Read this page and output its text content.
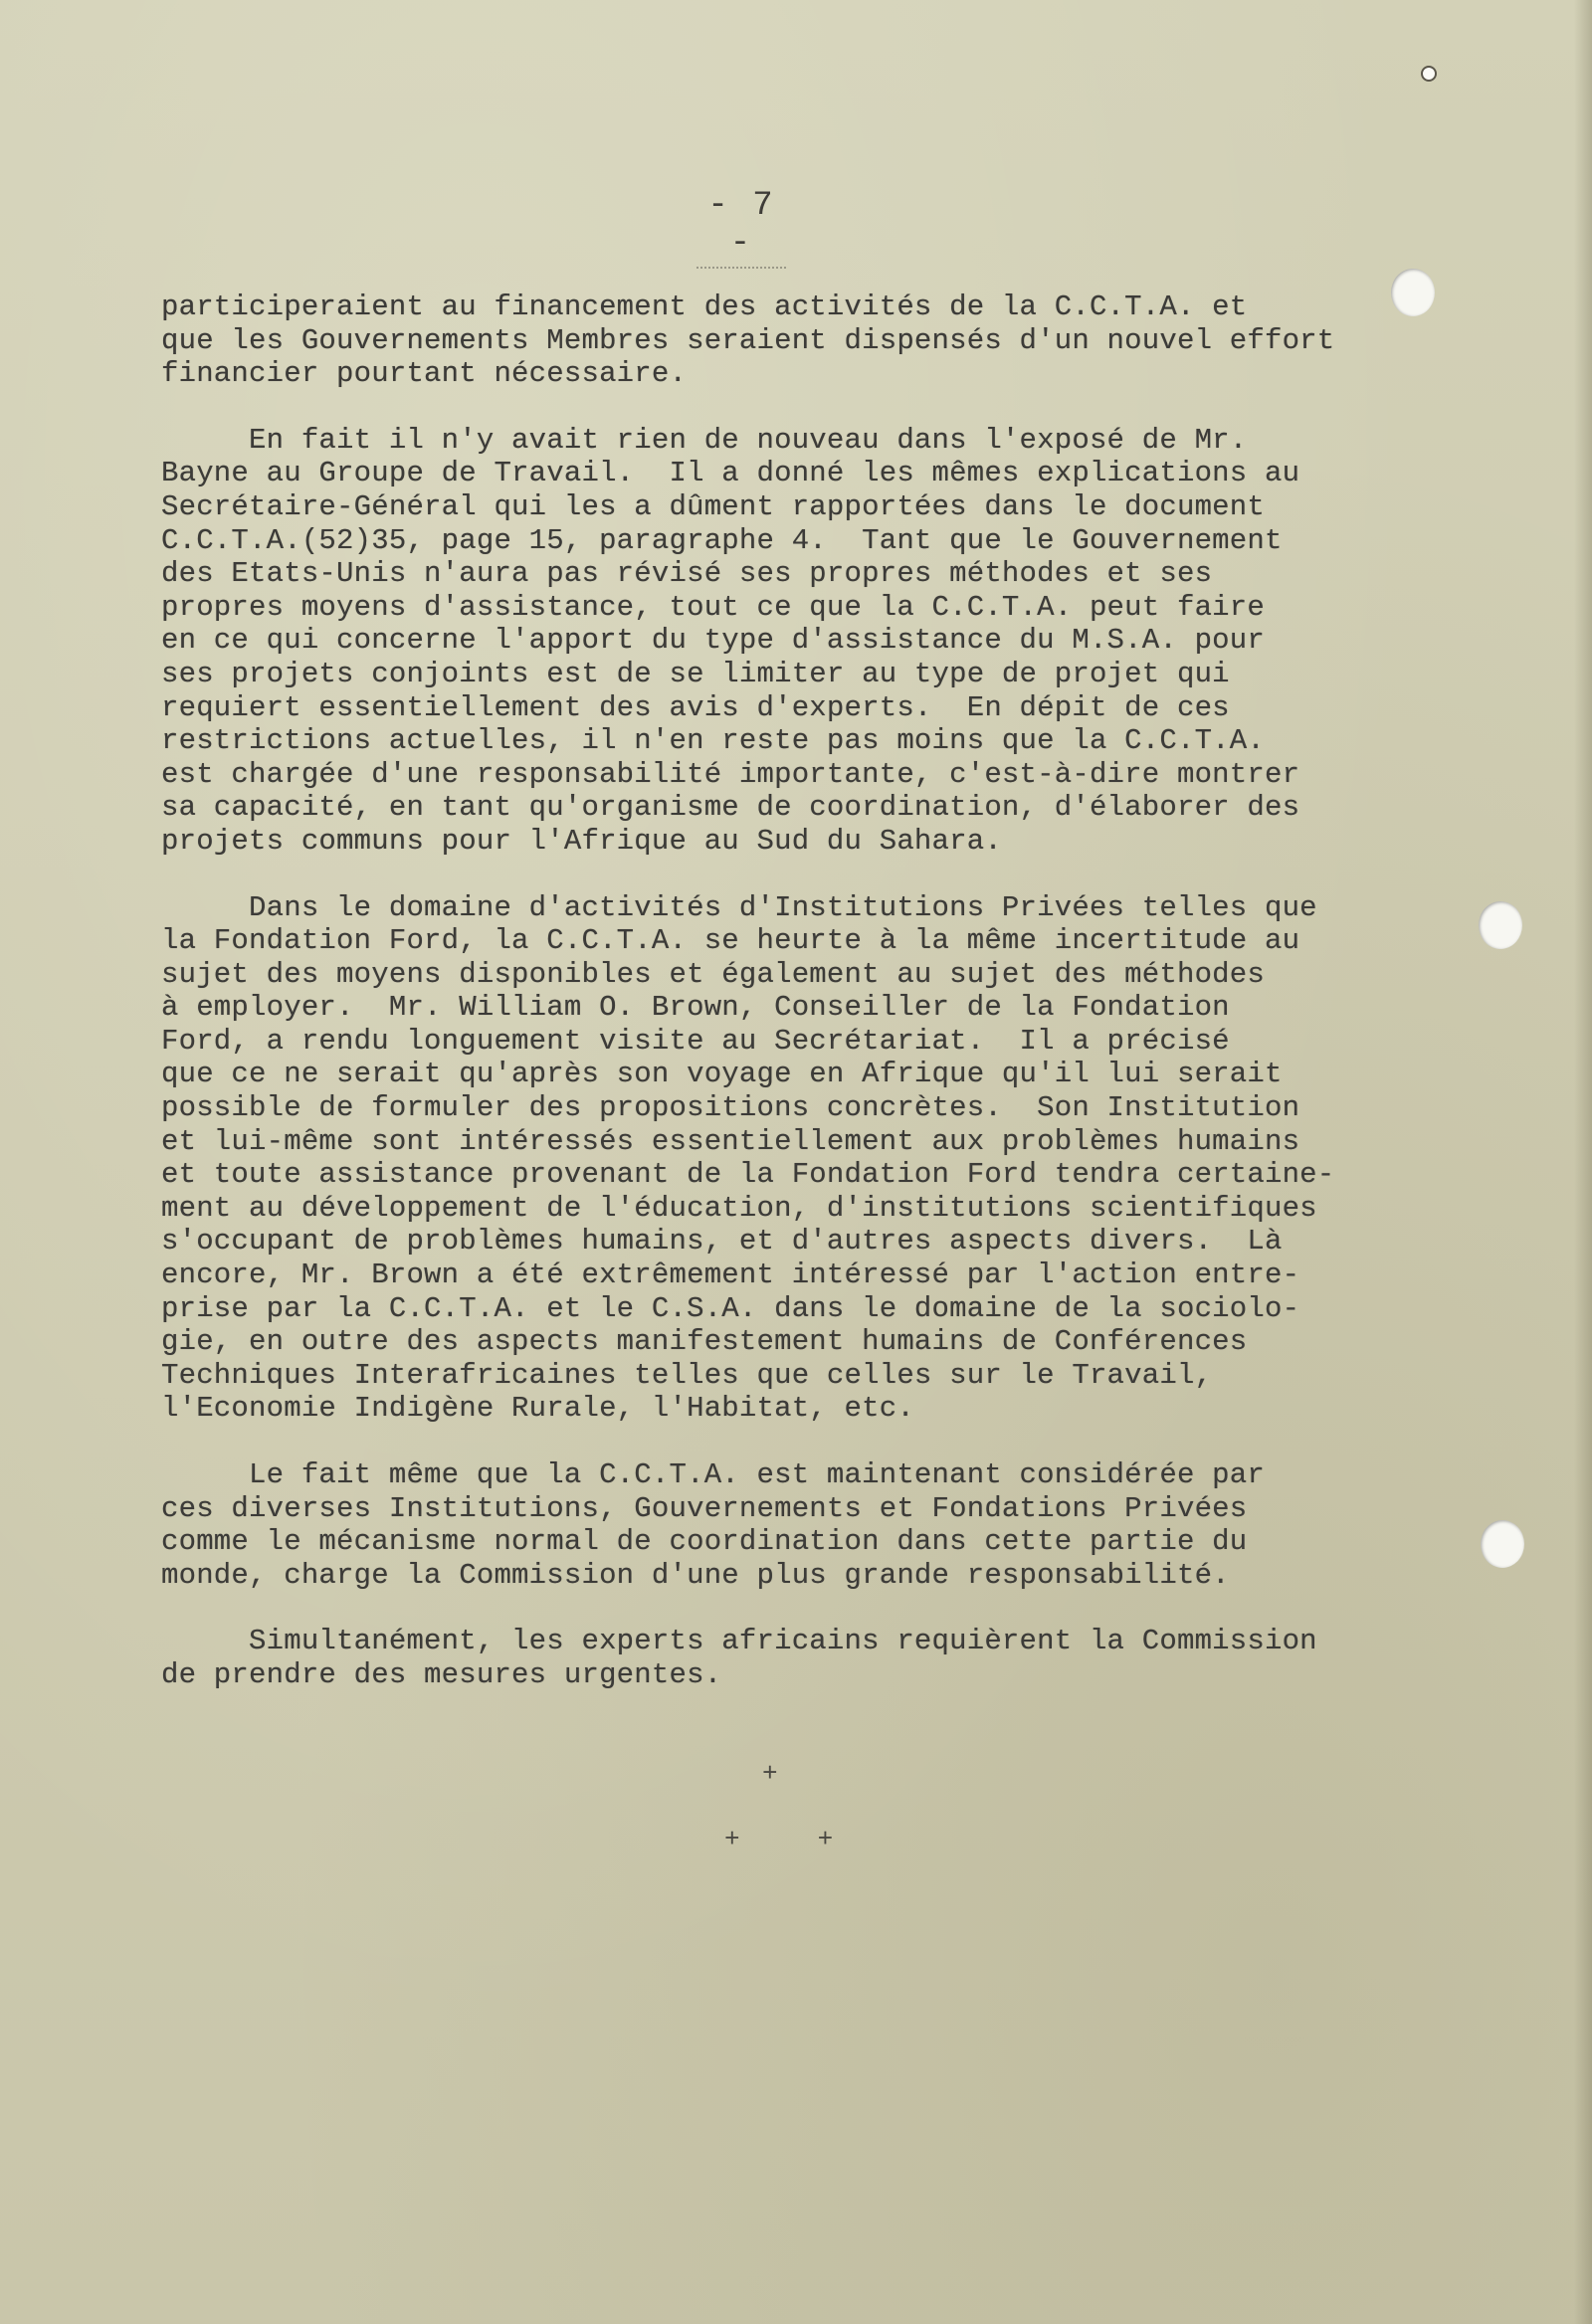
- 7 -
participeraient au financement des activités de la C.C.T.A. et
que les Gouvernements Membres seraient dispensés d'un nouvel effort
financier pourtant nécessaire.
En fait il n'y avait rien de nouveau dans l'exposé de Mr.
Bayne au Groupe de Travail.  Il a donné les mêmes explications au
Secrétaire-Général qui les a dûment rapportées dans le document
C.C.T.A.(52)35, page 15, paragraphe 4.  Tant que le Gouvernement
des Etats-Unis n'aura pas révisé ses propres méthodes et ses
propres moyens d'assistance, tout ce que la C.C.T.A. peut faire
en ce qui concerne l'apport du type d'assistance du M.S.A. pour
ses projets conjoints est de se limiter au type de projet qui
requiert essentiellement des avis d'experts.  En dépit de ces
restrictions actuelles, il n'en reste pas moins que la C.C.T.A.
est chargée d'une responsabilité importante, c'est-à-dire montrer
sa capacité, en tant qu'organisme de coordination, d'élaborer des
projets communs pour l'Afrique au Sud du Sahara.
Dans le domaine d'activités d'Institutions Privées telles que
la Fondation Ford, la C.C.T.A. se heurte à la même incertitude au
sujet des moyens disponibles et également au sujet des méthodes
à employer.  Mr. William O. Brown, Conseiller de la Fondation
Ford, a rendu longuement visite au Secrétariat.  Il a précisé
que ce ne serait qu'après son voyage en Afrique qu'il lui serait
possible de formuler des propositions concrètes.  Son Institution
et lui-même sont intéressés essentiellement aux problèmes humains
et toute assistance provenant de la Fondation Ford tendra certaine-
ment au développement de l'éducation, d'institutions scientifiques
s'occupant de problèmes humains, et d'autres aspects divers.  Là
encore, Mr. Brown a été extrêmement intéressé par l'action entre-
prise par la C.C.T.A. et le C.S.A. dans le domaine de la sociolo-
gie, en outre des aspects manifestement humains de Conférences
Techniques Interafricaines telles que celles sur le Travail,
l'Economie Indigène Rurale, l'Habitat, etc.
Le fait même que la C.C.T.A. est maintenant considérée par
ces diverses Institutions, Gouvernements et Fondations Privées
comme le mécanisme normal de coordination dans cette partie du
monde, charge la Commission d'une plus grande responsabilité.
Simultanément, les experts africains requièrent la Commission
de prendre des mesures urgentes.
+
+     +
